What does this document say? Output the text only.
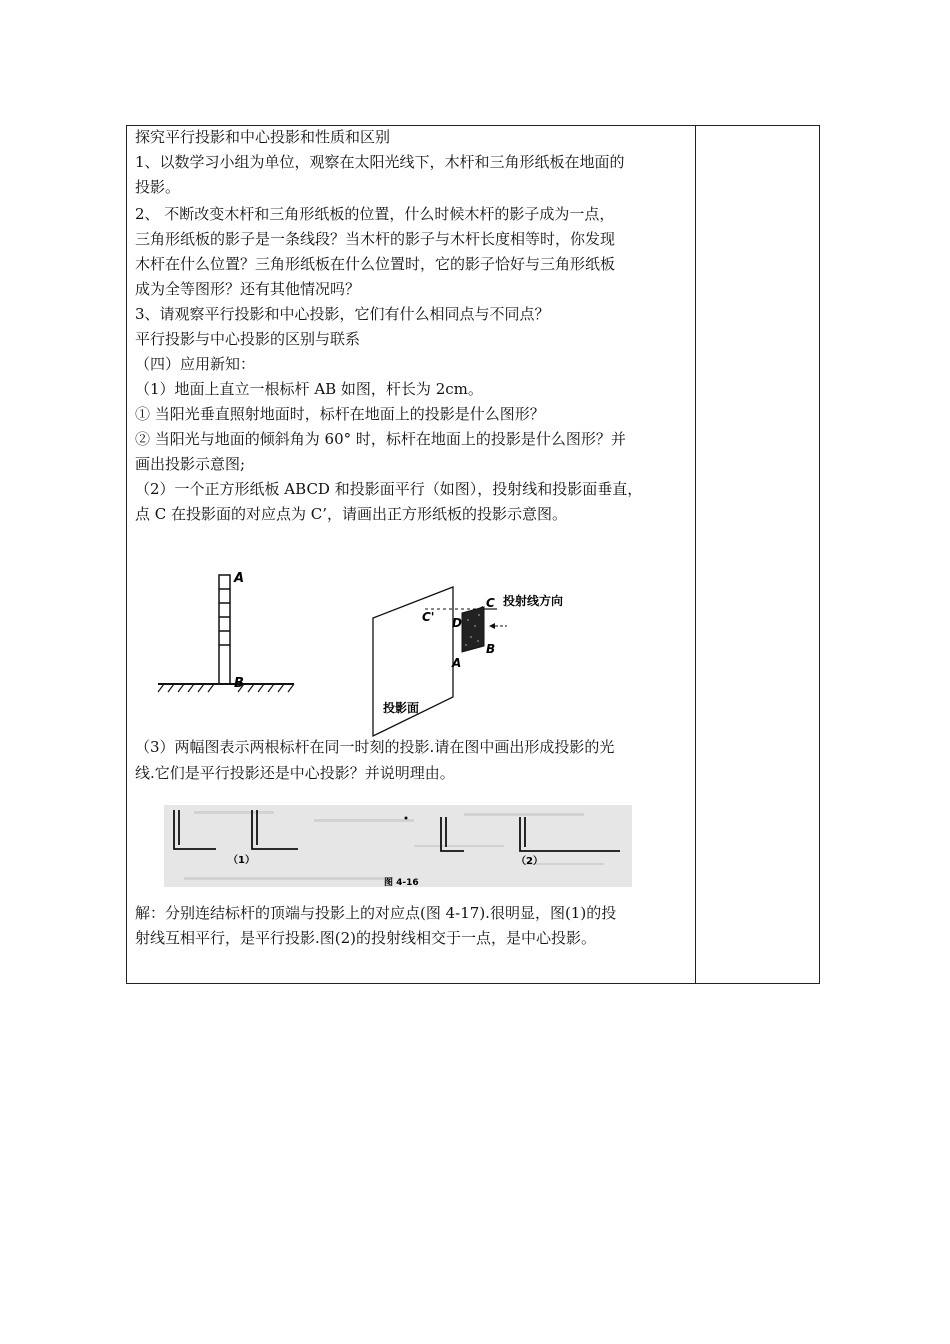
探究平行投影和中心投影和性质和区别
1、以数学习小组为单位，观察在太阳光线下，木杆和三角形纸板在地面的
投影。
2、 不断改变木杆和三角形纸板的位置，什么时候木杆的影子成为一点，
三角形纸板的影子是一条线段？当木杆的影子与木杆长度相等时，你发现
木杆在什么位置？三角形纸板在什么位置时，它的影子恰好与三角形纸板
成为全等图形？还有其他情况吗？
3、请观察平行投影和中心投影，它们有什么相同点与不同点？
平行投影与中心投影的区别与联系
（四）应用新知：
（1）地面上直立一根标杆 AB 如图，杆长为 2cm。
① 当阳光垂直照射地面时，标杆在地面上的投影是什么图形？
② 当阳光与地面的倾斜角为 60° 时，标杆在地面上的投影是什么图形？并
画出投影示意图;
（2）一个正方形纸板 ABCD 和投影面平行（如图），投射线和投影面垂直，
点 C 在投影面的对应点为 C’，请画出正方形纸板的投影示意图。
（3）两幅图表示两根标杆在同一时刻的投影.请在图中画出形成投影的光
线.它们是平行投影还是中心投影？并说明理由。
解：分别连结标杆的顶端与投影上的对应点(图 4-17).很明显，图(1)的投
射线互相平行，是平行投影.图(2)的投射线相交于一点，是中心投影。
A
B
C'
C
D
A
B
投射线方向
投影面
（1）	（2）
图 4-16
